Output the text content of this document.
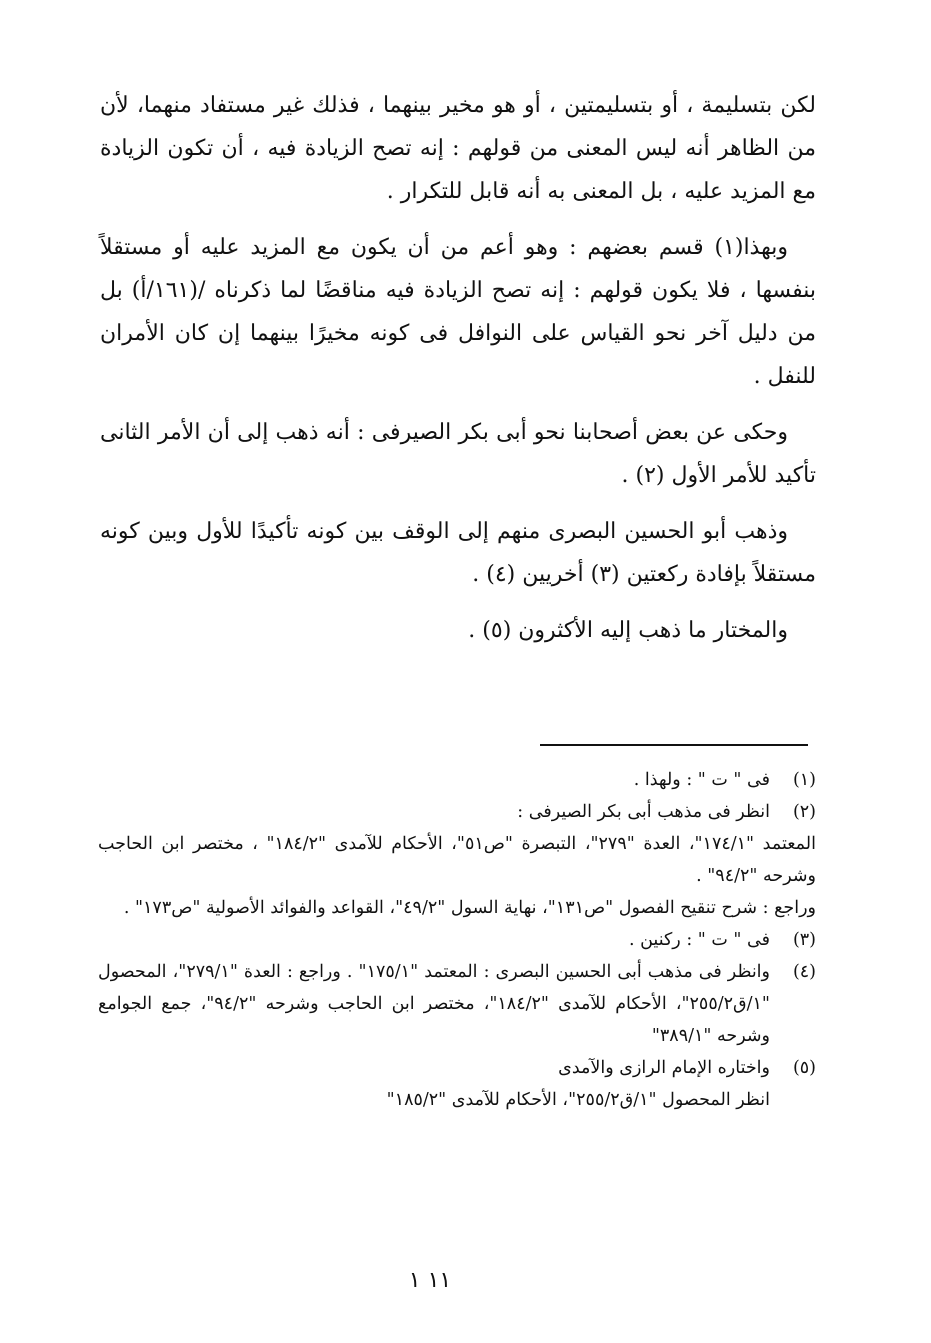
لكن بتسليمة ، أو بتسليمتين ، أو هو مخير بينهما ، فذلك غير مستفاد منهما، لأن من الظاهر أنه ليس المعنى من قولهم : إنه تصح الزيادة فيه ، أن تكون الزيادة مع المزيد عليه ، بل المعنى به أنه قابل للتكرار .

وبهذا(١) قسم بعضهم : وهو أعم من أن يكون مع المزيد عليه أو مستقلاً بنفسها ، فلا يكون قولهم : إنه تصح الزيادة فيه مناقضًا لما ذكرناه /(١٦١/أ) بل من دليل آخر نحو القياس على النوافل فى كونه مخيرًا بينهما إن كان الأمران للنفل .

وحكى عن بعض أصحابنا نحو أبى بكر الصيرفى : أنه ذهب إلى أن الأمر الثانى تأكيد للأمر الأول (٢) .

وذهب أبو الحسين البصرى منهم إلى الوقف بين كونه تأكيدًا للأول وبين كونه مستقلاً بإفادة ركعتين (٣) أخريين (٤) .

والمختار ما ذهب إليه الأكثرون (٥) .

(١)
فى " ت " : ولهذا .
(٢)
انظر فى مذهب أبى بكر الصيرفى :
المعتمد "١٧٤/١"، العدة "٢٧٩"، التبصرة "ص٥١"، الأحكام للآمدى "١٨٤/٢" ، مختصر ابن الحاجب وشرحه "٩٤/٢" .
وراجع : شرح تنقيح الفصول "ص١٣١"، نهاية السول "٤٩/٢"، القواعد والفوائد الأصولية "ص١٧٣" .
(٣)
فى " ت " : ركنين .
(٤)
وانظر فى مذهب أبى الحسين البصرى : المعتمد "١٧٥/١" . وراجع : العدة "٢٧٩/١"، المحصول "١/ق٢٥٥/٢"، الأحكام للآمدى "١٨٤/٢"، مختصر ابن الحاجب وشرحه "٩٤/٢"، جمع الجوامع وشرحه "٣٨٩/١"
(٥)
واختاره الإمام الرازى والآمدى
انظر المحصول "١/ق٢٥٥/٢"، الأحكام للآمدى "١٨٥/٢"
١١ ١
